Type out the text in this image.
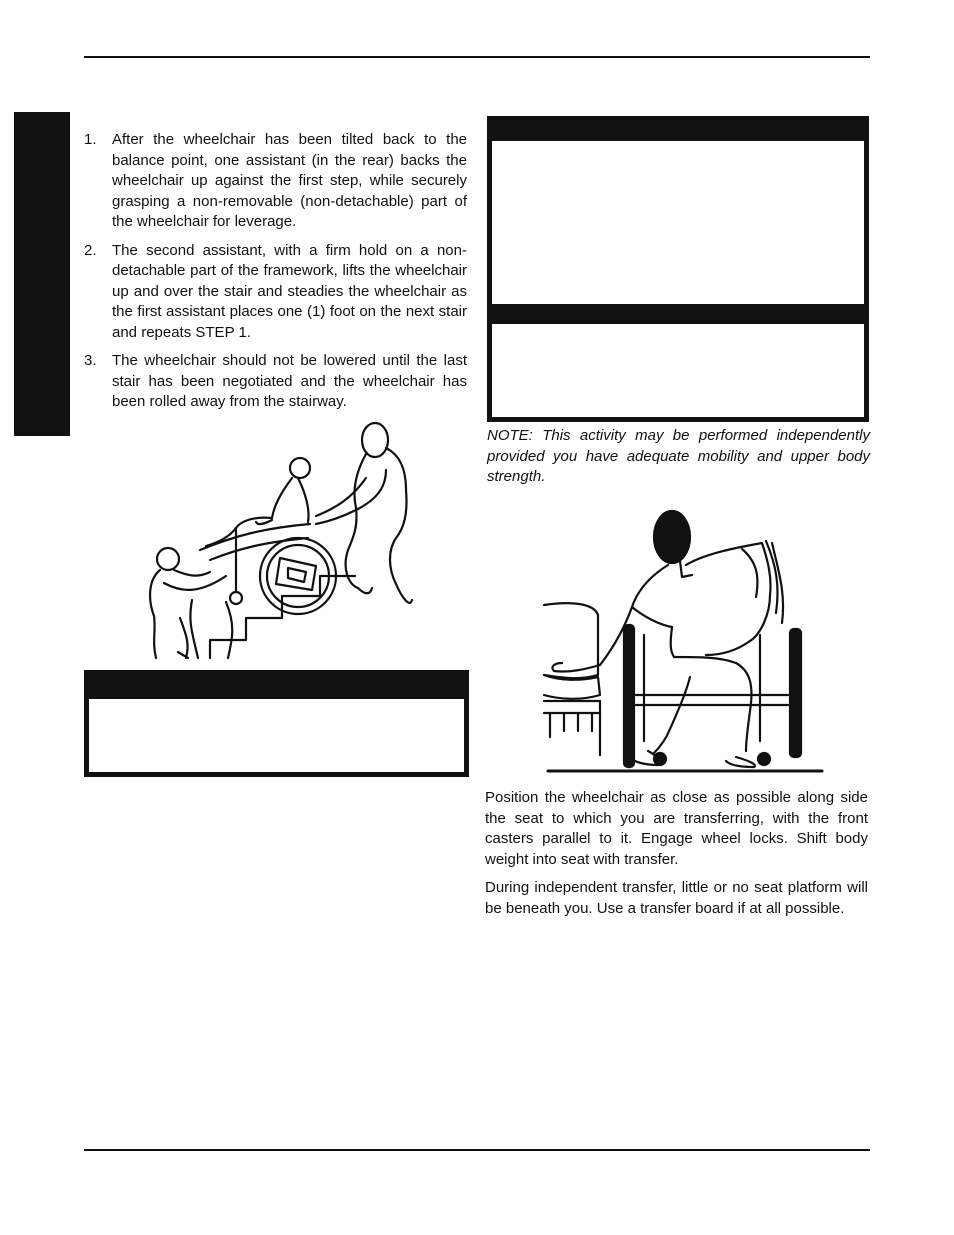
1. After the wheelchair has been tilted back to the balance point, one assistant (in the rear) backs the wheelchair up against the first step, while securely grasping a non-removable (non-detachable) part of the wheelchair for leverage.
2. The second assistant, with a firm hold on a non-detachable part of the framework, lifts the wheelchair up and over the stair and steadies the wheelchair as the first assistant places one (1) foot on the next stair and repeats STEP 1.
3. The wheelchair should not be lowered until the last stair has been negotiated and the wheelchair has been rolled away from the stairway.
NOTE: This activity may be performed independently provided you have adequate mobility and upper body strength.
Position the wheelchair as close as possible along side the seat to which you are transferring, with the front casters parallel to it. Engage wheel locks. Shift body weight into seat with transfer.
During independent transfer, little or no seat platform will be beneath you. Use a transfer board if at all possible.
